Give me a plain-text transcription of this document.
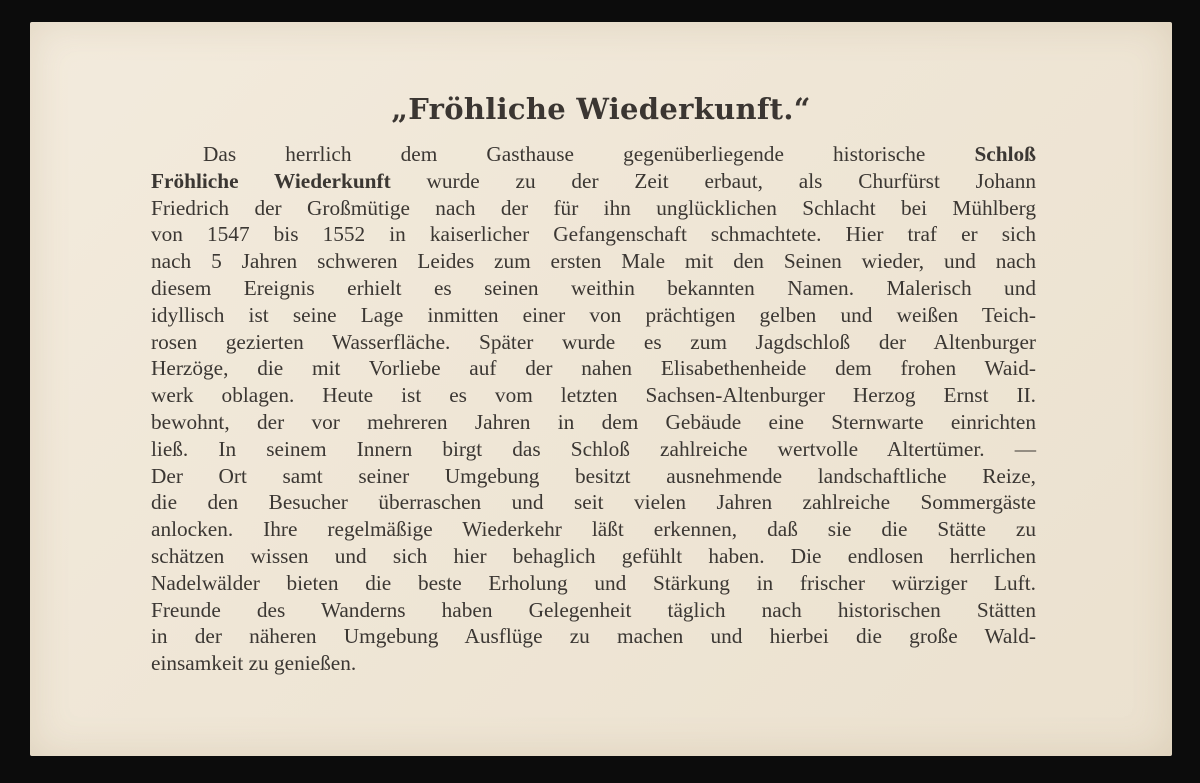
„Fröhliche Wiederkunft.“
Das herrlich dem Gasthause gegenüberliegende historische Schloß
Fröhliche Wiederkunft wurde zu der Zeit erbaut, als Churfürst Johann
Friedrich der Großmütige nach der für ihn unglücklichen Schlacht bei Mühlberg
von 1547 bis 1552 in kaiserlicher Gefangenschaft schmachtete. Hier traf er sich
nach 5 Jahren schweren Leides zum ersten Male mit den Seinen wieder, und nach
diesem Ereignis erhielt es seinen weithin bekannten Namen. Malerisch und
idyllisch ist seine Lage inmitten einer von prächtigen gelben und weißen Teich‑
rosen gezierten Wasserfläche. Später wurde es zum Jagdschloß der Altenburger
Herzöge, die mit Vorliebe auf der nahen Elisabethenheide dem frohen Waid‑
werk oblagen. Heute ist es vom letzten Sachsen‑Altenburger Herzog Ernst II.
bewohnt, der vor mehreren Jahren in dem Gebäude eine Sternwarte einrichten
ließ. In seinem Innern birgt das Schloß zahlreiche wertvolle Altertümer. —
Der Ort samt seiner Umgebung besitzt ausnehmende landschaftliche Reize,
die den Besucher überraschen und seit vielen Jahren zahlreiche Sommergäste
anlocken. Ihre regelmäßige Wiederkehr läßt erkennen, daß sie die Stätte zu
schätzen wissen und sich hier behaglich gefühlt haben. Die endlosen herrlichen
Nadelwälder bieten die beste Erholung und Stärkung in frischer würziger Luft.
Freunde des Wanderns haben Gelegenheit täglich nach historischen Stätten
in der näheren Umgebung Ausflüge zu machen und hierbei die große Wald‑
einsamkeit zu genießen.
